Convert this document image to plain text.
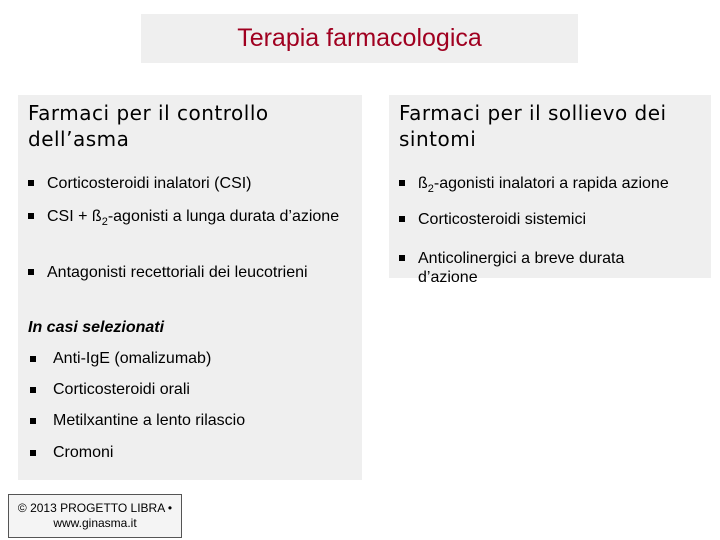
Terapia farmacologica
Farmaci per il controllo dell’asma
Corticosteroidi inalatori (CSI)
CSI + $ß_2$-agonisti a lunga durata d’azione
Antagonisti recettoriali dei leucotrieni
In casi selezionati
Anti-IgE (omalizumab)
Corticosteroidi orali
Metilxantine a lento rilascio
Cromoni
Farmaci per il sollievo dei sintomi
$ß_2$-agonisti inalatori a rapida azione
Corticosteroidi sistemici
Anticolinergici a breve durata d’azione
© 2013 PROGETTO LIBRA •
www.ginasma.it
